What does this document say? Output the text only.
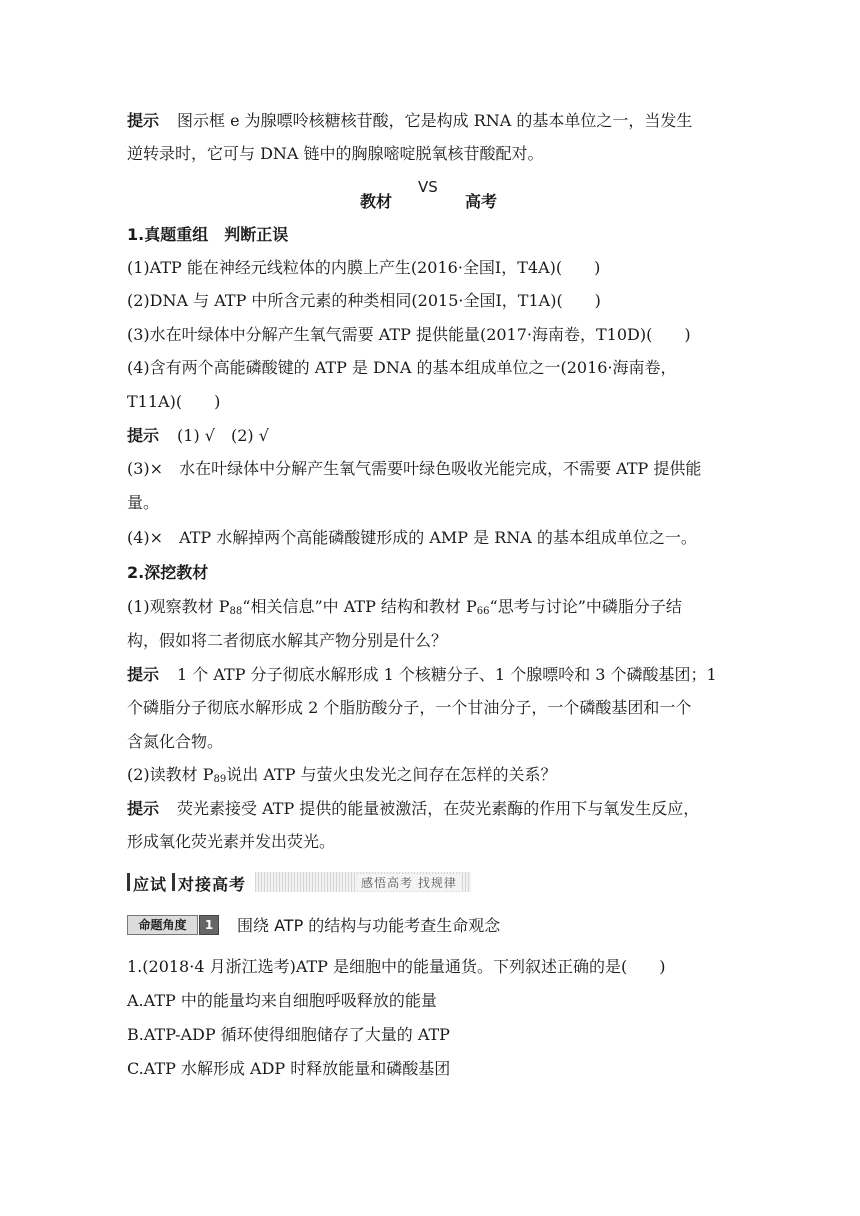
提示 图示框 e 为腺嘌呤核糖核苷酸，它是构成 RNA 的基本单位之一，当发生
逆转录时，它可与 DNA 链中的胸腺嘧啶脱氧核苷酸配对。
教材
VS
高考
1.真题重组　判断正误
(1)ATP 能在神经元线粒体的内膜上产生(2016·全国Ⅰ，T4A)(　　)
(2)DNA 与 ATP 中所含元素的种类相同(2015·全国Ⅰ，T1A)(　　)
(3)水在叶绿体中分解产生氧气需要 ATP 提供能量(2017·海南卷，T10D)(　　)
(4)含有两个高能磷酸键的 ATP 是 DNA 的基本组成单位之一(2016·海南卷，
T11A)(　　)
提示 (1) √　(2) √
(3)×　水在叶绿体中分解产生氧气需要叶绿色吸收光能完成，不需要 ATP 提供能
量。
(4)×　ATP 水解掉两个高能磷酸键形成的 AMP 是 RNA 的基本组成单位之一。
2.深挖教材
(1)观察教材 $P_{88}“$相关信息”中 ATP 结构和教材 $P_{66}“$思考与讨论”中磷脂分子结
构，假如将二者彻底水解其产物分别是什么？
提示 1 个 ATP 分子彻底水解形成 1 个核糖分子、1 个腺嘌呤和 3 个磷酸基团；1
个磷脂分子彻底水解形成 2 个脂肪酸分子，一个甘油分子，一个磷酸基团和一个
含氮化合物。
(2)读教材 $P_{89}$说出 ATP 与萤火虫发光之间存在怎样的关系？
提示 荧光素接受 ATP 提供的能量被激活，在荧光素酶的作用下与氧发生反应，
形成氧化荧光素并发出荧光。
应试 对接高考	感悟高考 找规律
命题角度	1	围绕 ATP 的结构与功能考查生命观念
1.(2018·4 月浙江选考)ATP 是细胞中的能量通货。下列叙述正确的是(　　)
A.ATP 中的能量均来自细胞呼吸释放的能量
B.ATP-ADP 循环使得细胞储存了大量的 ATP
C.ATP 水解形成 ADP 时释放能量和磷酸基团
